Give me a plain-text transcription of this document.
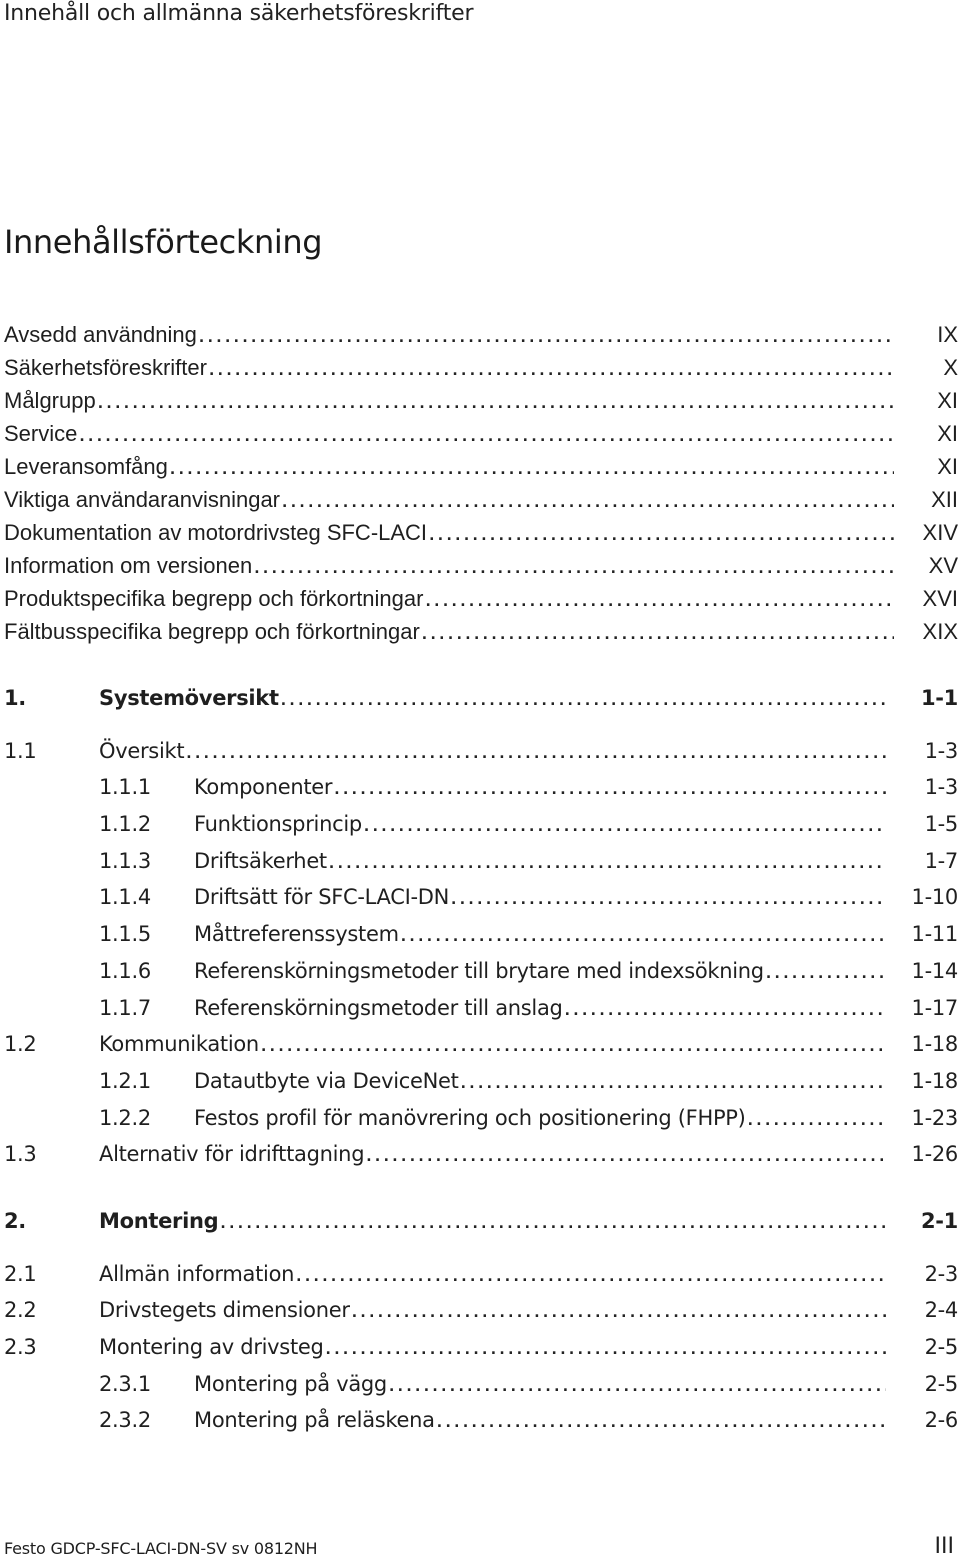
Innehåll och allmänna säkerhetsföreskrifter
Innehållsförteckning
Avsedd användning . . .	IX
Säkerhetsföreskrifter . . .	X
Målgrupp . . .	XI
Service . . .	XI
Leveransomfång . . .	XI
Viktiga användaranvisningar . . .	XII
Dokumentation av motordrivsteg SFC-LACI . . .	XIV
Information om versionen . . .	XV
Produktspecifika begrepp och förkortningar . . .	XVI
Fältbusspecifika begrepp och förkortningar . . .	XIX
1.	Systemöversikt . . .	1-1
1.1	Översikt . . .	1-3
1.1.1	Komponenter . . .	1-3
1.1.2	Funktionsprincip . . .	1-5
1.1.3	Driftsäkerhet . . .	1-7
1.1.4	Driftsätt för SFC-LACI-DN . . .	1-10
1.1.5	Måttreferenssystem . . .	1-11
1.1.6	Referenskörningsmetoder till brytare med indexsökning . . .	1-14
1.1.7	Referenskörningsmetoder till anslag . . .	1-17
1.2	Kommunikation . . .	1-18
1.2.1	Datautbyte via DeviceNet . . .	1-18
1.2.2	Festos profil för manövrering och positionering (FHPP) . . .	1-23
1.3	Alternativ för idrifttagning . . .	1-26
2.	Montering . . .	2-1
2.1	Allmän information . . .	2-3
2.2	Drivstegets dimensioner . . .	2-4
2.3	Montering av drivsteg . . .	2-5
2.3.1	Montering på vägg . . .	2-5
2.3.2	Montering på reläskena . . .	2-6
Festo GDCP-SFC-LACI-DN-SV sv 0812NH	III
